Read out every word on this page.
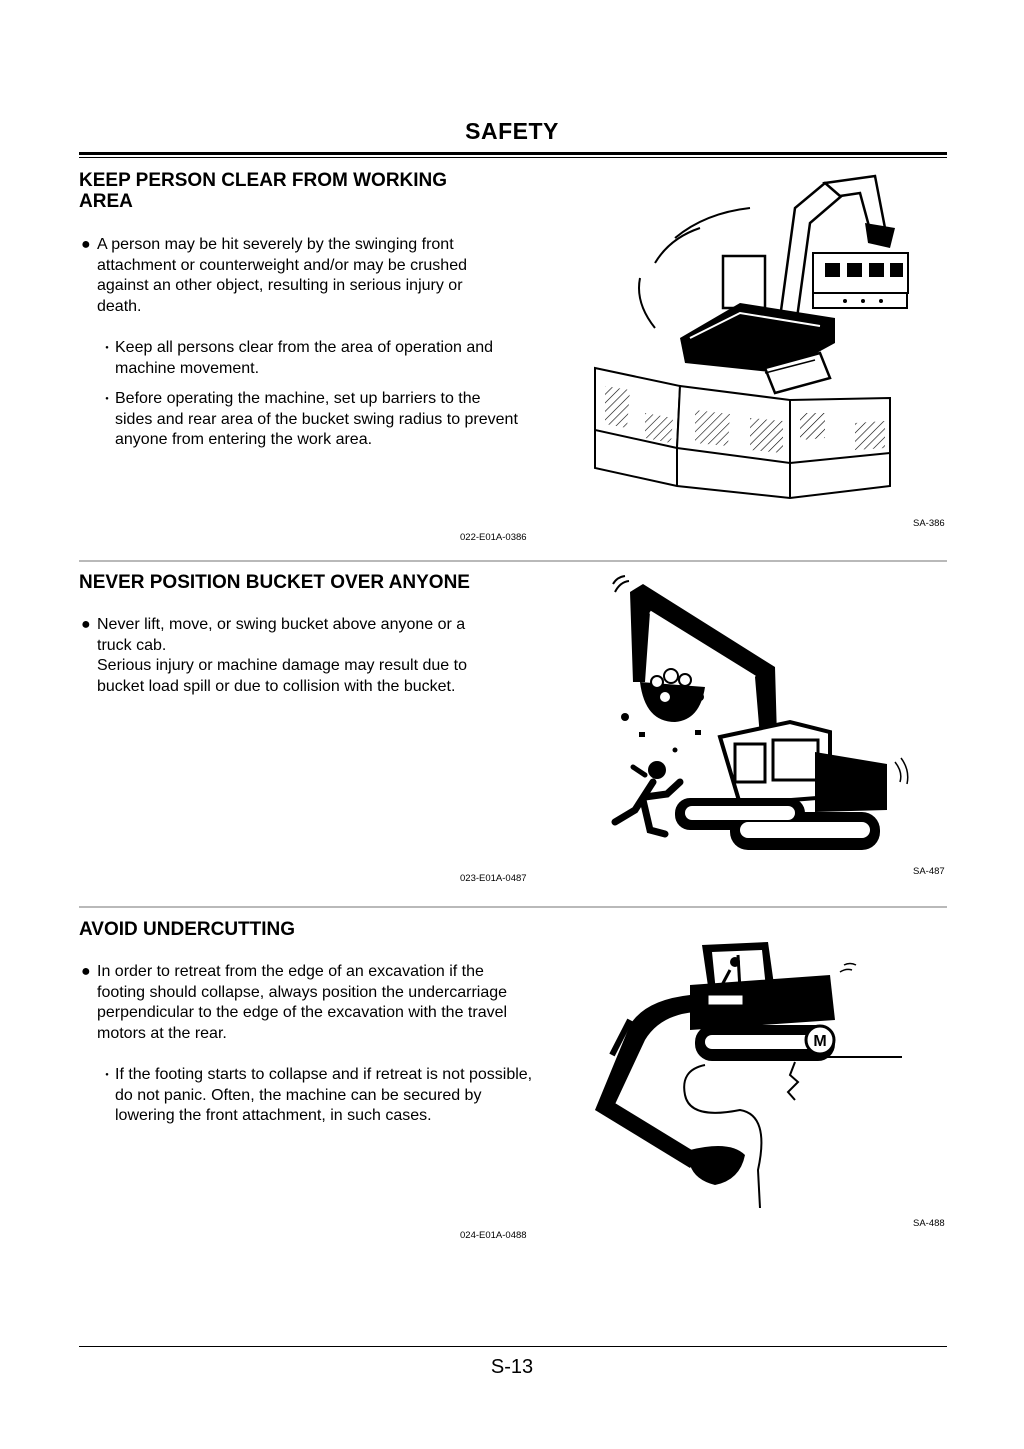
SAFETY
KEEP PERSON CLEAR FROM WORKING AREA
● A person may be hit severely by the swinging front attachment or counterweight and/or may be crushed against an other object, resulting in serious injury or death.
・ Keep all persons clear from the area of operation and machine movement.
・ Before operating the machine, set up barriers to the sides and rear area of the bucket swing radius to prevent anyone from entering the work area.
022-E01A-0386
SA-386
NEVER POSITION BUCKET OVER ANYONE
● Never lift, move, or swing bucket above anyone or a truck cab.
Serious injury or machine damage may result due to bucket load spill or due to collision with the bucket.
023-E01A-0487
SA-487
AVOID UNDERCUTTING
● In order to retreat from the edge of an excavation if the footing should collapse, always position the undercarriage perpendicular to the edge of the excavation with the travel motors at the rear.
・ If the footing starts to collapse and if retreat is not possible, do not panic. Often, the machine can be secured by lowering the front attachment, in such cases.
024-E01A-0488
SA-488
M
S-13
